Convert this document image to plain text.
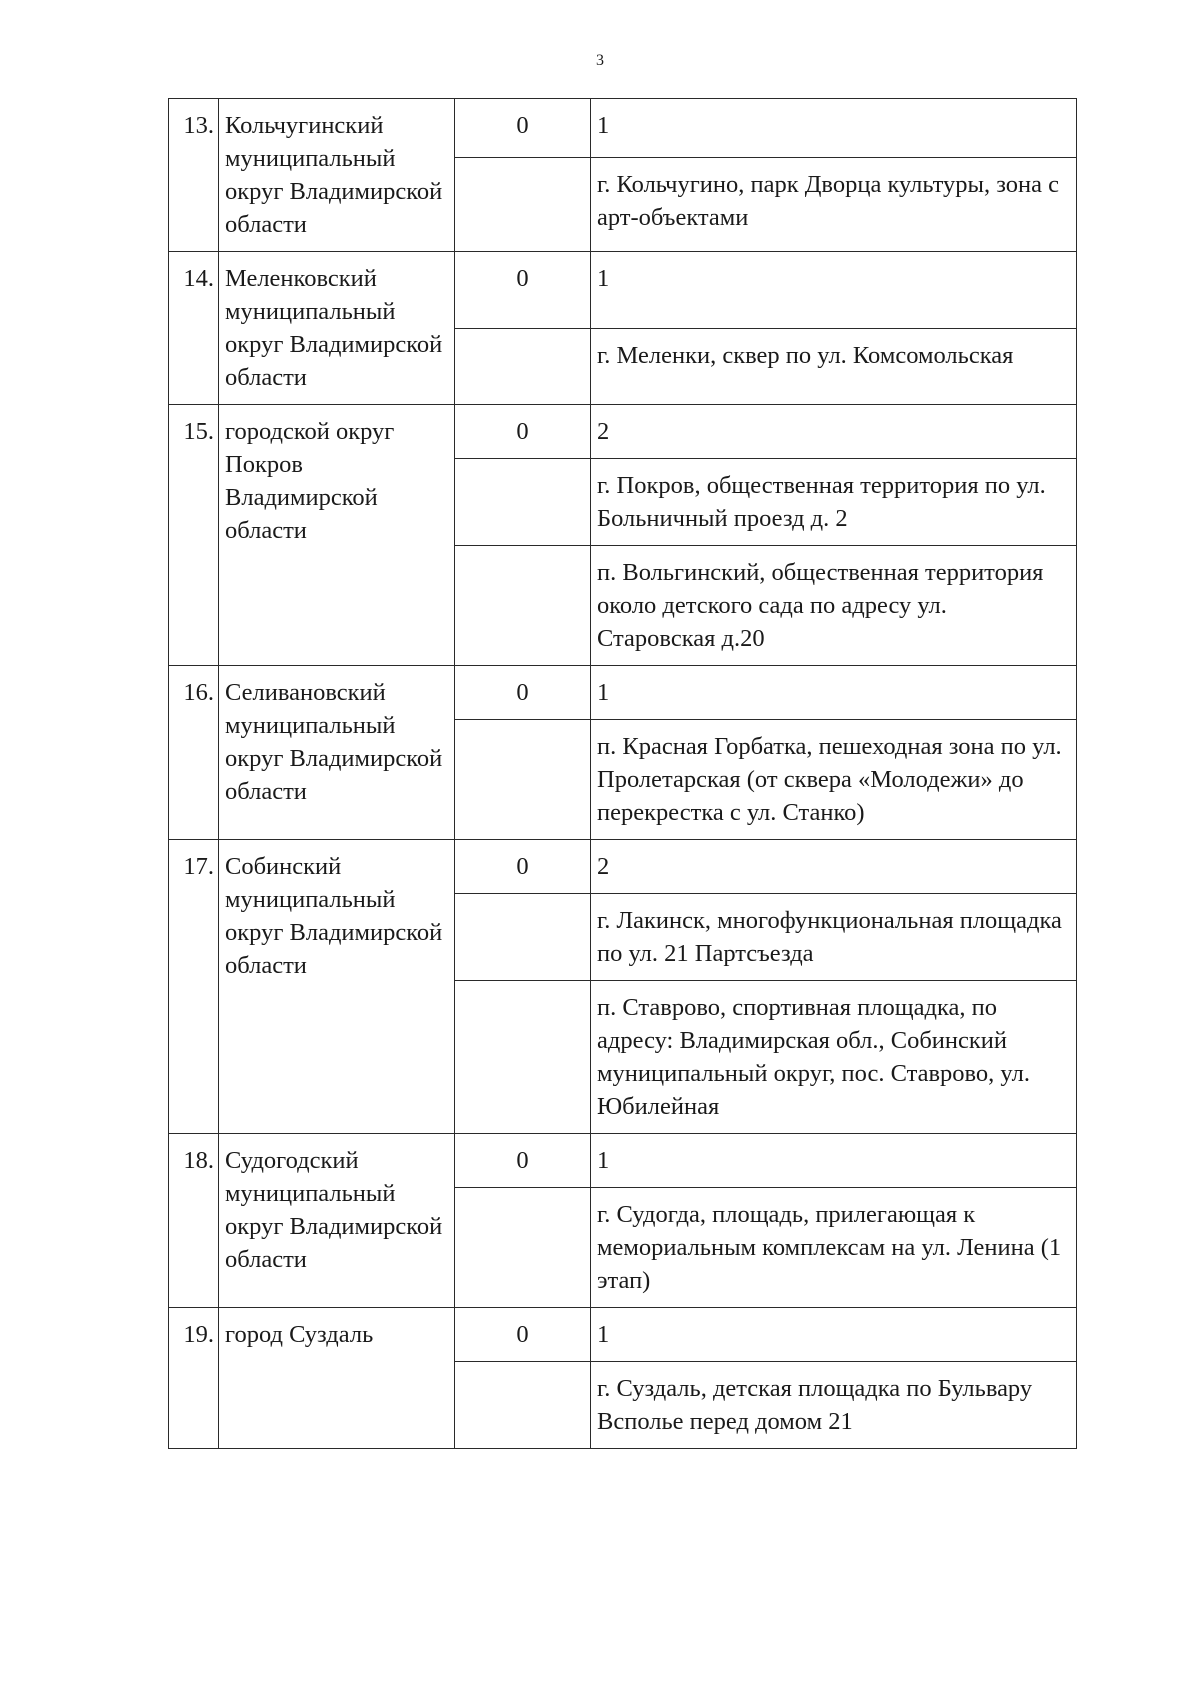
3
13.	Кольчугинский муниципальный округ Владимирской области	0	1
			г. Кольчугино, парк Дворца культуры, зона с арт-объектами
14.	Меленковский муниципальный округ Владимирской области	0	1
			г. Меленки, сквер по ул. Комсомольская
15.	городской округ Покров Владимирской области	0	2
			г. Покров, общественная территория по ул. Больничный проезд д. 2
			п. Вольгинский, общественная территория около детского сада по адресу ул. Старовская д.20
16.	Селивановский муниципальный округ Владимирской области	0	1
			п. Красная Горбатка, пешеходная зона по ул. Пролетарская (от сквера «Молодежи» до перекрестка с ул. Станко)
17.	Собинский муниципальный округ Владимирской области	0	2
			г. Лакинск, многофункциональная площадка по ул. 21 Партсъезда
			п. Ставрово, спортивная площадка, по адресу: Владимирская обл., Собинский муниципальный округ, пос. Ставрово, ул. Юбилейная
18.	Судогодский муниципальный округ Владимирской области	0	1
			г. Судогда, площадь, прилегающая к мемориальным комплексам на ул. Ленина (1 этап)
19.	город Суздаль	0	1
			г. Суздаль, детская площадка по Бульвару Всполье перед домом 21
